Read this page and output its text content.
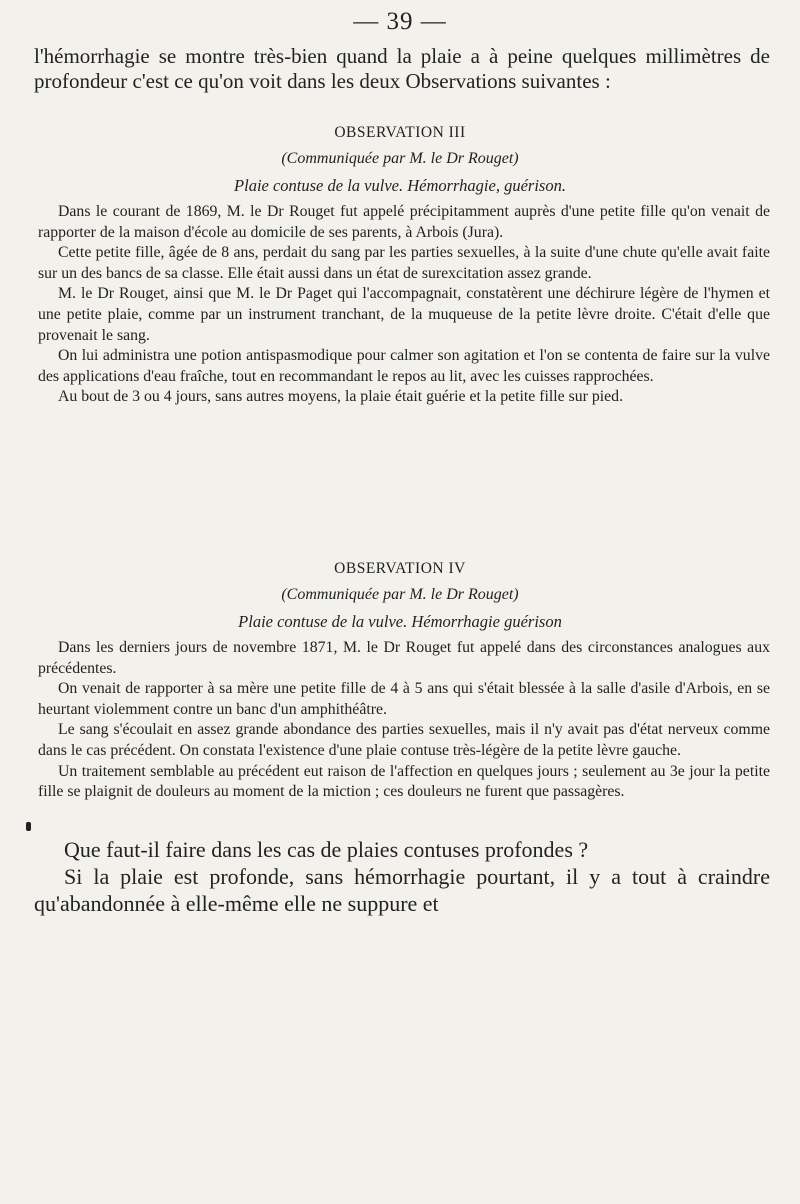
— 39 —
l'hémorrhagie se montre très-bien quand la plaie a à peine quelques millimètres de profondeur c'est ce qu'on voit dans les deux Observations suivantes :
OBSERVATION III
(Communiquée par M. le Dr Rouget)
Plaie contuse de la vulve. Hémorrhagie, guérison.

Dans le courant de 1869, M. le Dr Rouget fut appelé précipitamment auprès d'une petite fille qu'on venait de rapporter de la maison d'école au domicile de ses parents, à Arbois (Jura).

Cette petite fille, âgée de 8 ans, perdait du sang par les parties sexuelles, à la suite d'une chute qu'elle avait faite sur un des bancs de sa classe. Elle était aussi dans un état de surexcitation assez grande.

M. le Dr Rouget, ainsi que M. le Dr Paget qui l'accompagnait, constatèrent une déchirure légère de l'hymen et une petite plaie, comme par un instrument tranchant, de la muqueuse de la petite lèvre droite. C'était d'elle que provenait le sang.

On lui administra une potion antispasmodique pour calmer son agitation et l'on se contenta de faire sur la vulve des applications d'eau fraîche, tout en recommandant le repos au lit, avec les cuisses rapprochées.

Au bout de 3 ou 4 jours, sans autres moyens, la plaie était guérie et la petite fille sur pied.

OBSERVATION IV
(Communiquée par M. le Dr Rouget)
Plaie contuse de la vulve. Hémorrhagie guérison

Dans les derniers jours de novembre 1871, M. le Dr Rouget fut appelé dans des circonstances analogues aux précédentes.

On venait de rapporter à sa mère une petite fille de 4 à 5 ans qui s'était blessée à la salle d'asile d'Arbois, en se heurtant violemment contre un banc d'un amphithéâtre.

Le sang s'écoulait en assez grande abondance des parties sexuelles, mais il n'y avait pas d'état nerveux comme dans le cas précédent. On constata l'existence d'une plaie contuse très-légère de la petite lèvre gauche.

Un traitement semblable au précédent eut raison de l'affection en quelques jours ; seulement au 3e jour la petite fille se plaignit de douleurs au moment de la miction ; ces douleurs ne furent que passagères.

Que faut-il faire dans les cas de plaies contuses profondes ?

Si la plaie est profonde, sans hémorrhagie pourtant, il y a tout à craindre qu'abandonnée à elle-même elle ne suppure et
